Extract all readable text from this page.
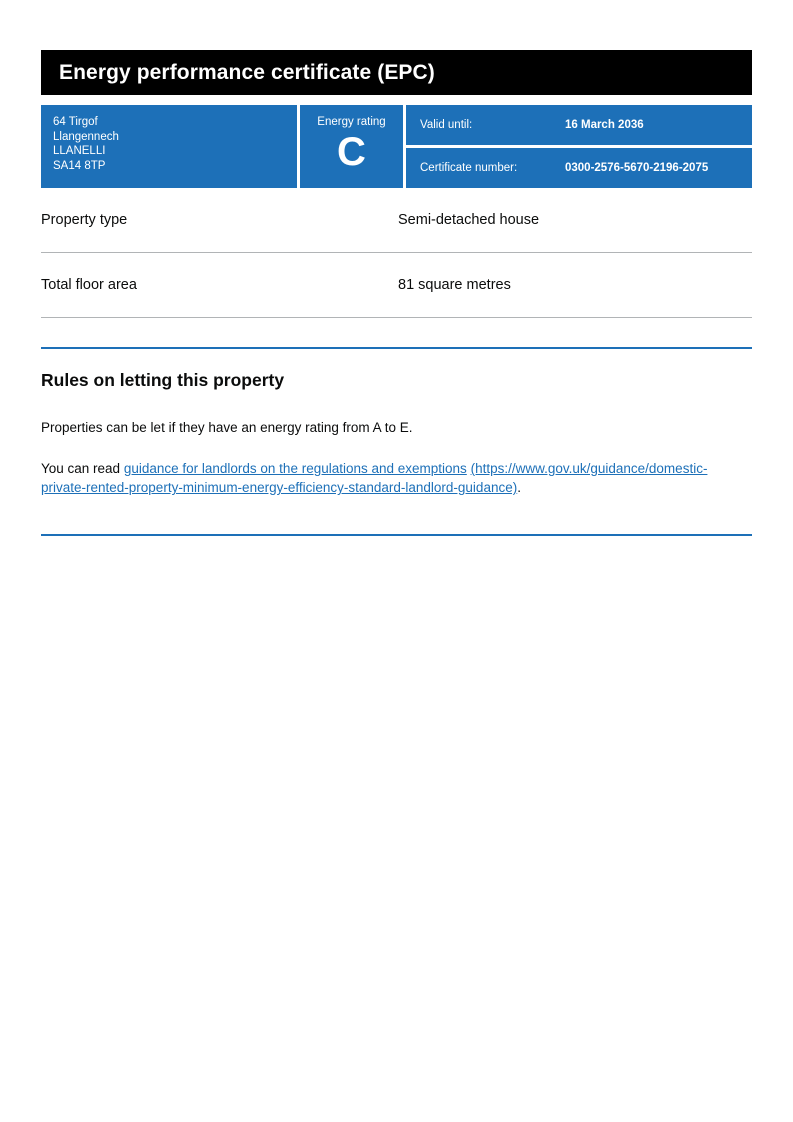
Energy performance certificate (EPC)
64 Tirgof
Llangennech
LLANELLI
SA14 8TP
Energy rating
C
Valid until:	16 March 2036
Certificate number:	0300-2576-5670-2196-2075
Property type	Semi-detached house
Total floor area	81 square metres
Rules on letting this property

Properties can be let if they have an energy rating from A to E.

You can read guidance for landlords on the regulations and exemptions (https://www.gov.uk/guidance/domestic-private-rented-property-minimum-energy-efficiency-standard-landlord-guidance).
